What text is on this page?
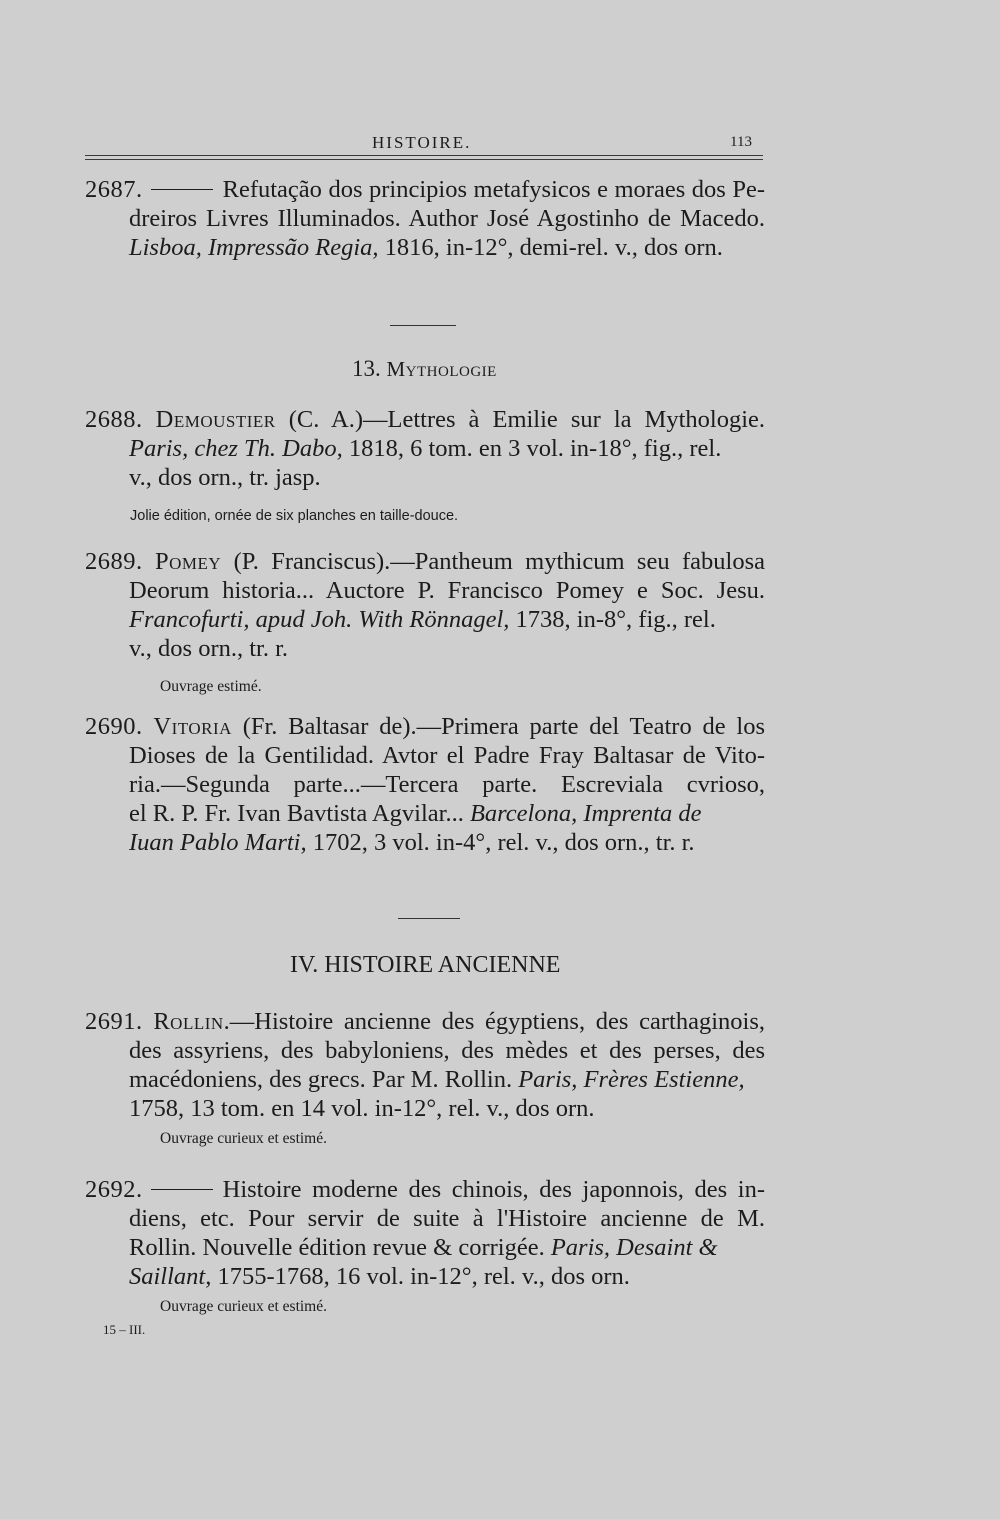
HISTOIRE.	113
2687.	Refutação dos principios metafysicos e moraes dos Pe-
dreiros Livres Illuminados. Author José Agostinho de Macedo.
Lisboa, Impressão Regia, 1816, in-12°, demi-rel. v., dos orn.
13. Mythologie
2688. Demoustier (C. A.)—Lettres à Emilie sur la Mythologie.
Paris, chez Th. Dabo, 1818, 6 tom. en 3 vol. in-18°, fig., rel.
v., dos orn., tr. jasp.
Jolie édition, ornée de six planches en taille-douce.
2689. Pomey (P. Franciscus).—Pantheum mythicum seu fabulosa
Deorum historia... Auctore P. Francisco Pomey e Soc. Jesu.
Francofurti, apud Joh. With Rönnagel, 1738, in-8°, fig., rel.
v., dos orn., tr. r.
Ouvrage estimé.
2690. Vitoria (Fr. Baltasar de).—Primera parte del Teatro de los
Dioses de la Gentilidad. Avtor el Padre Fray Baltasar de Vito-
ria.—Segunda parte...—Tercera parte. Escreviala cvrioso,
el R. P. Fr. Ivan Bavtista Agvilar... Barcelona, Imprenta de
Iuan Pablo Marti, 1702, 3 vol. in-4°, rel. v., dos orn., tr. r.
IV. HISTOIRE ANCIENNE
2691. Rollin.—Histoire ancienne des égyptiens, des carthaginois,
des assyriens, des babyloniens, des mèdes et des perses, des
macédoniens, des grecs. Par M. Rollin. Paris, Frères Estienne,
1758, 13 tom. en 14 vol. in-12°, rel. v., dos orn.
Ouvrage curieux et estimé.
2692.	Histoire moderne des chinois, des japonnois, des in-
diens, etc. Pour servir de suite à l'Histoire ancienne de M.
Rollin. Nouvelle édition revue & corrigée. Paris, Desaint &
Saillant, 1755-1768, 16 vol. in-12°, rel. v., dos orn.
Ouvrage curieux et estimé.
15 – III.
